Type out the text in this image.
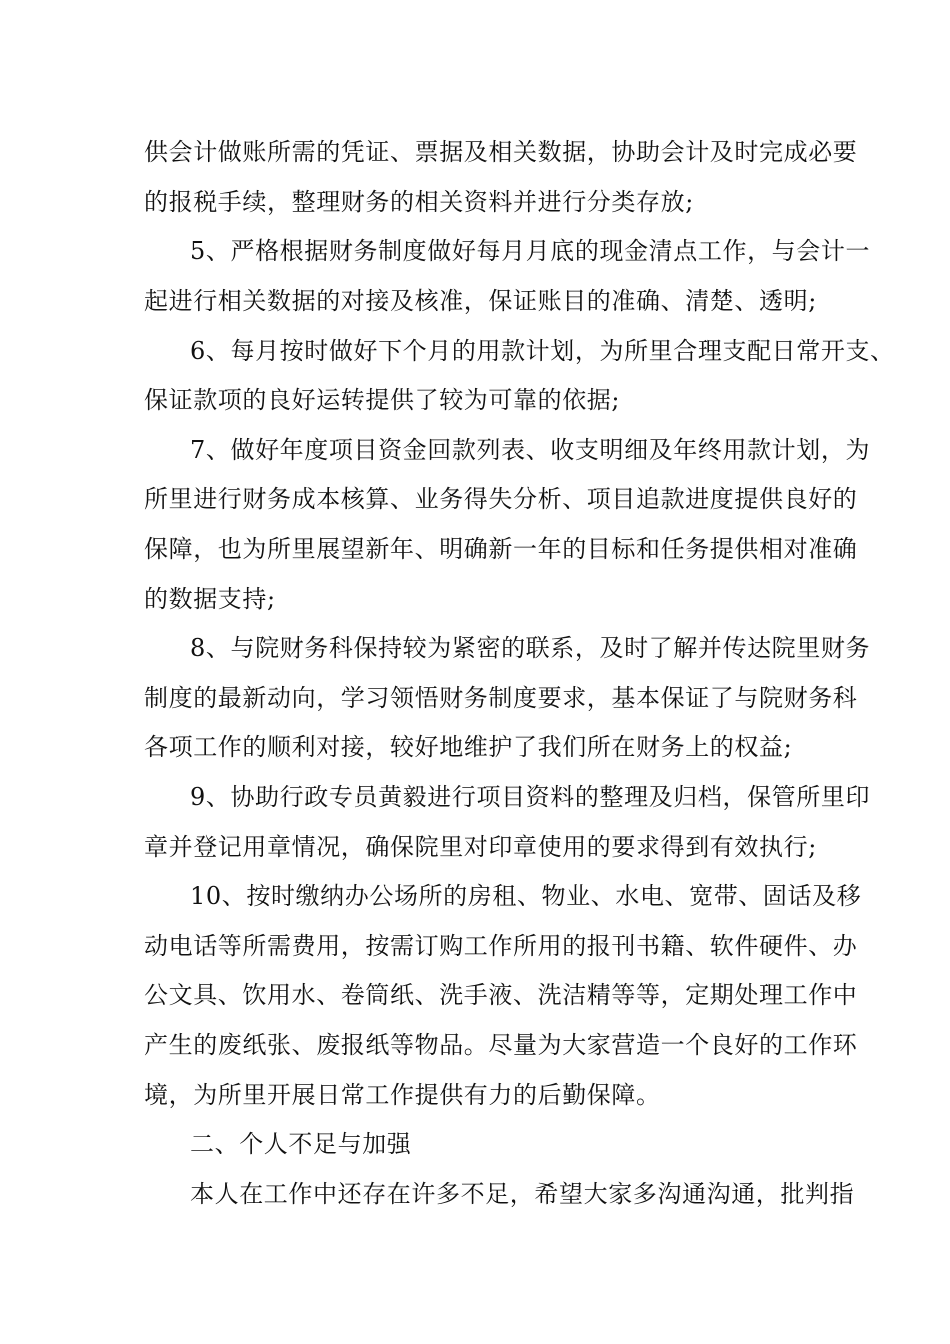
供会计做账所需的凭证、票据及相关数据，协助会计及时完成必要
的报税手续，整理财务的相关资料并进行分类存放;
5、严格根据财务制度做好每月月底的现金清点工作，与会计一
起进行相关数据的对接及核准，保证账目的准确、清楚、透明;
6、每月按时做好下个月的用款计划，为所里合理支配日常开支、
保证款项的良好运转提供了较为可靠的依据;
7、做好年度项目资金回款列表、收支明细及年终用款计划，为
所里进行财务成本核算、业务得失分析、项目追款进度提供良好的
保障，也为所里展望新年、明确新一年的目标和任务提供相对准确
的数据支持;
8、与院财务科保持较为紧密的联系，及时了解并传达院里财务
制度的最新动向，学习领悟财务制度要求，基本保证了与院财务科
各项工作的顺利对接，较好地维护了我们所在财务上的权益;
9、协助行政专员黄毅进行项目资料的整理及归档，保管所里印
章并登记用章情况，确保院里对印章使用的要求得到有效执行;
10、按时缴纳办公场所的房租、物业、水电、宽带、固话及移
动电话等所需费用，按需订购工作所用的报刊书籍、软件硬件、办
公文具、饮用水、卷筒纸、洗手液、洗洁精等等，定期处理工作中
产生的废纸张、废报纸等物品。尽量为大家营造一个良好的工作环
境，为所里开展日常工作提供有力的后勤保障。
二、个人不足与加强
本人在工作中还存在许多不足，希望大家多沟通沟通，批判指
